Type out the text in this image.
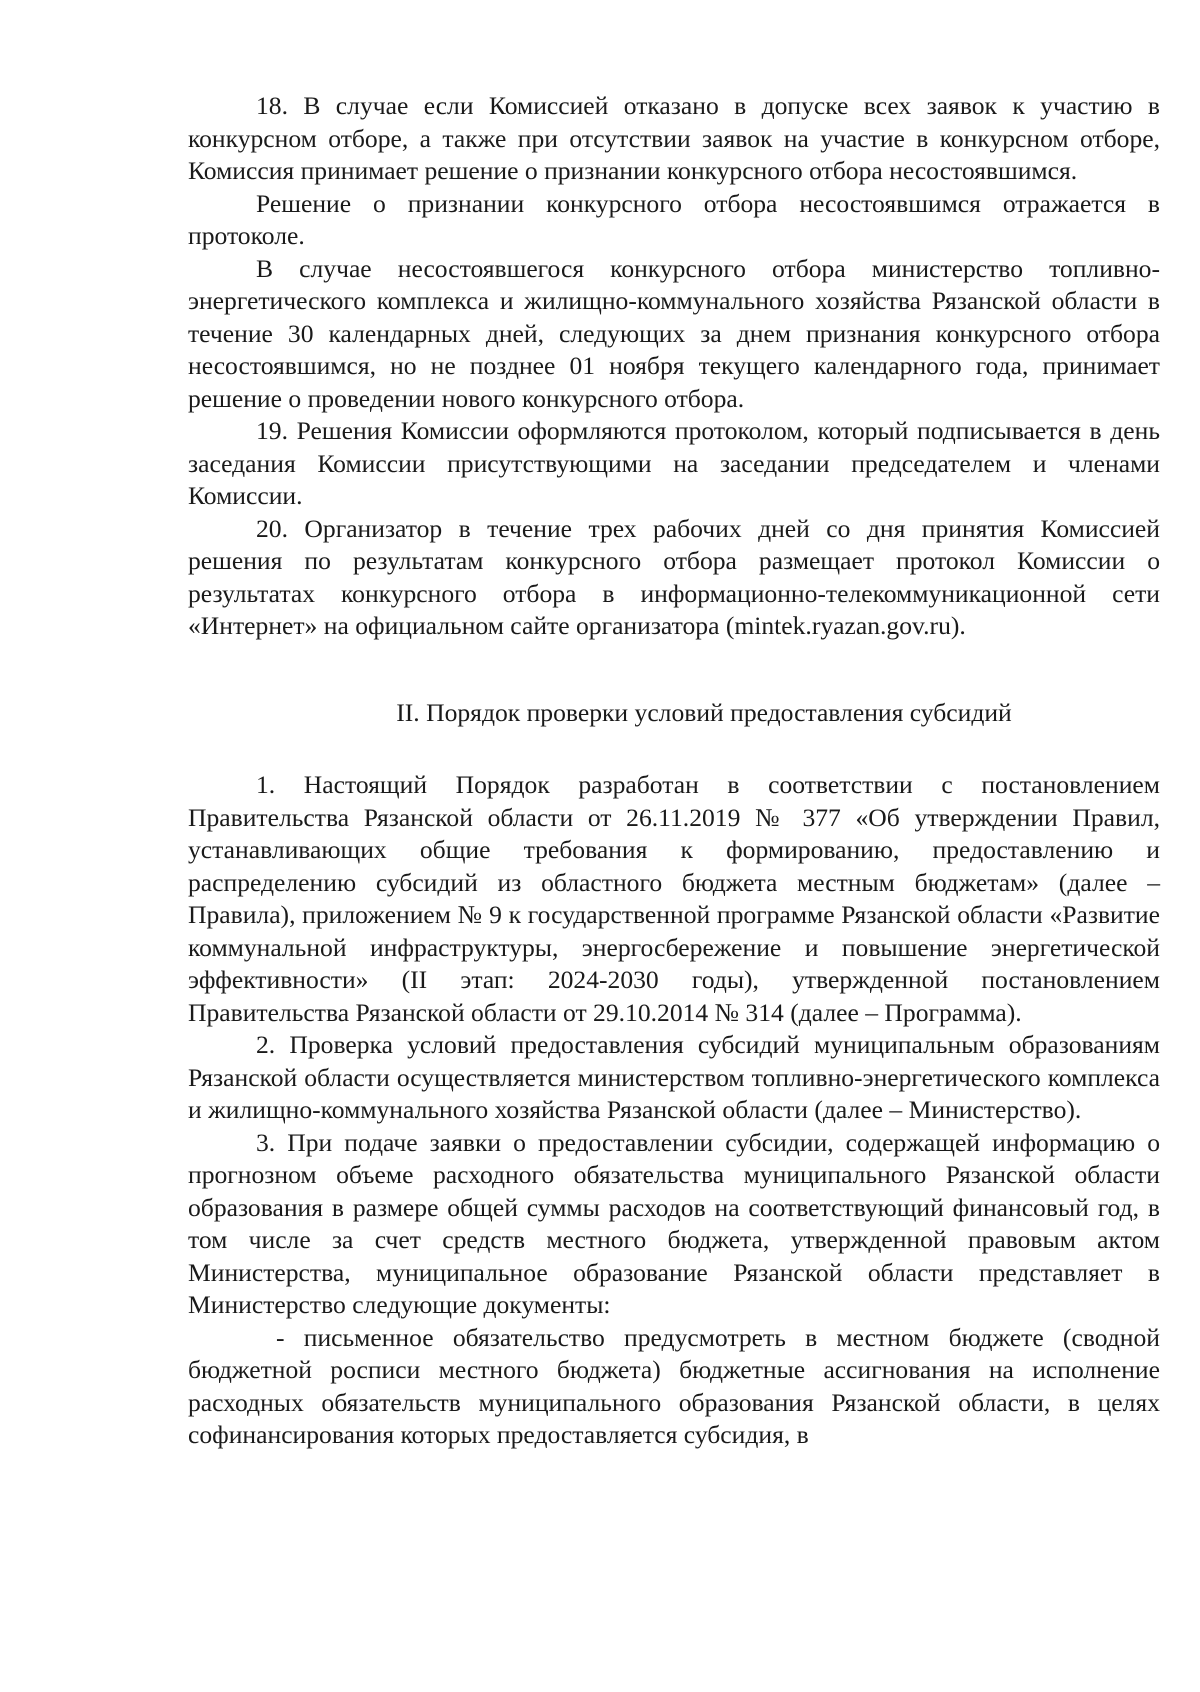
18. В случае если Комиссией отказано в допуске всех заявок к участию в конкурсном отборе, а также при отсутствии заявок на участие в конкурсном отборе, Комиссия принимает решение о признании конкурсного отбора несостоявшимся.

Решение о признании конкурсного отбора несостоявшимся отражается в протоколе.

В случае несостоявшегося конкурсного отбора министерство топливно-энергетического комплекса и жилищно-коммунального хозяйства Рязанской области в течение 30 календарных дней, следующих за днем признания конкурсного отбора несостоявшимся, но не позднее 01 ноября текущего календарного года, принимает решение о проведении нового конкурсного отбора.

19. Решения Комиссии оформляются протоколом, который подписывается в день заседания Комиссии присутствующими на заседании председателем и членами Комиссии.

20. Организатор в течение трех рабочих дней со дня принятия Комиссией решения по результатам конкурсного отбора размещает протокол Комиссии о результатах конкурсного отбора в информационно-телекоммуникационной сети «Интернет» на официальном сайте организатора (mintek.ryazan.gov.ru).

II. Порядок проверки условий предоставления субсидий

1. Настоящий Порядок разработан в соответствии с постановлением Правительства Рязанской области от 26.11.2019 № 377 «Об утверждении Правил, устанавливающих общие требования к формированию, предоставлению и распределению субсидий из областного бюджета местным бюджетам» (далее – Правила), приложением № 9 к государственной программе Рязанской области «Развитие коммунальной инфраструктуры, энергосбережение и повышение энергетической эффективности» (II этап: 2024-2030 годы), утвержденной постановлением Правительства Рязанской области от 29.10.2014 № 314 (далее – Программа).

2. Проверка условий предоставления субсидий муниципальным образованиям Рязанской области осуществляется министерством топливно-энергетического комплекса и жилищно-коммунального хозяйства Рязанской области (далее – Министерство).

3. При подаче заявки о предоставлении субсидии, содержащей информацию о прогнозном объеме расходного обязательства муниципального Рязанской области образования в размере общей суммы расходов на соответствующий финансовый год, в том числе за счет средств местного бюджета, утвержденной правовым актом Министерства, муниципальное образование Рязанской области представляет в Министерство следующие документы:

- письменное обязательство предусмотреть в местном бюджете (сводной бюджетной росписи местного бюджета) бюджетные ассигнования на исполнение расходных обязательств муниципального образования Рязанской области, в целях софинансирования которых предоставляется субсидия, в
